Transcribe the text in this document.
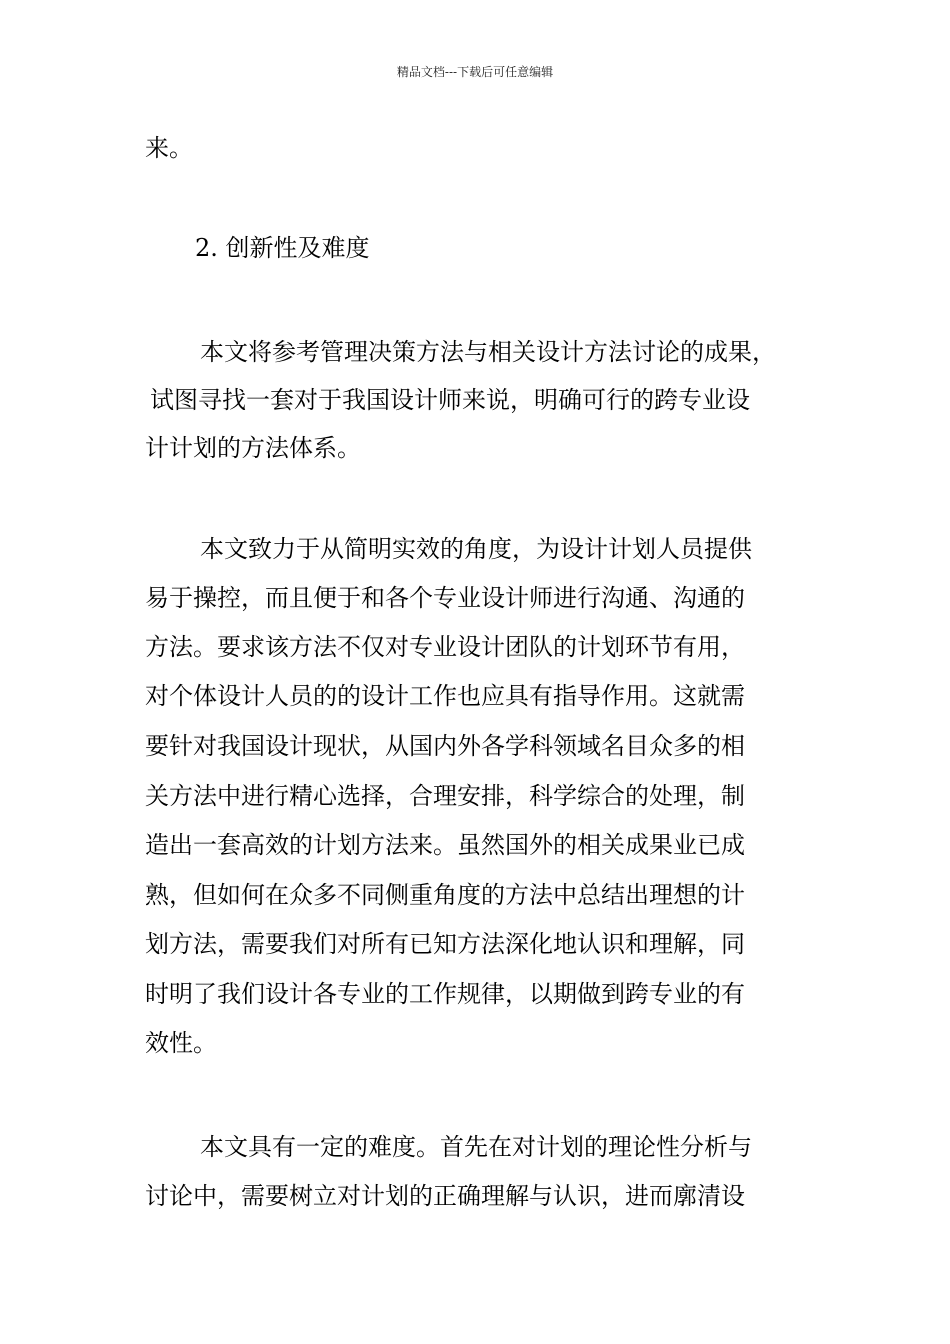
精品文档---下载后可任意编辑
来。
2. 创新性及难度
本文将参考管理决策方法与相关设计方法讨论的成果，
试图寻找一套对于我国设计师来说，明确可行的跨专业设
计计划的方法体系。
本文致力于从简明实效的角度，为设计计划人员提供
易于操控，而且便于和各个专业设计师进行沟通、沟通的
方法。要求该方法不仅对专业设计团队的计划环节有用，
对个体设计人员的的设计工作也应具有指导作用。这就需
要针对我国设计现状，从国内外各学科领域名目众多的相
关方法中进行精心选择，合理安排，科学综合的处理，制
造出一套高效的计划方法来。虽然国外的相关成果业已成
熟，但如何在众多不同侧重角度的方法中总结出理想的计
划方法，需要我们对所有已知方法深化地认识和理解，同
时明了我们设计各专业的工作规律，以期做到跨专业的有
效性。
本文具有一定的难度。首先在对计划的理论性分析与
讨论中，需要树立对计划的正确理解与认识，进而廓清设
